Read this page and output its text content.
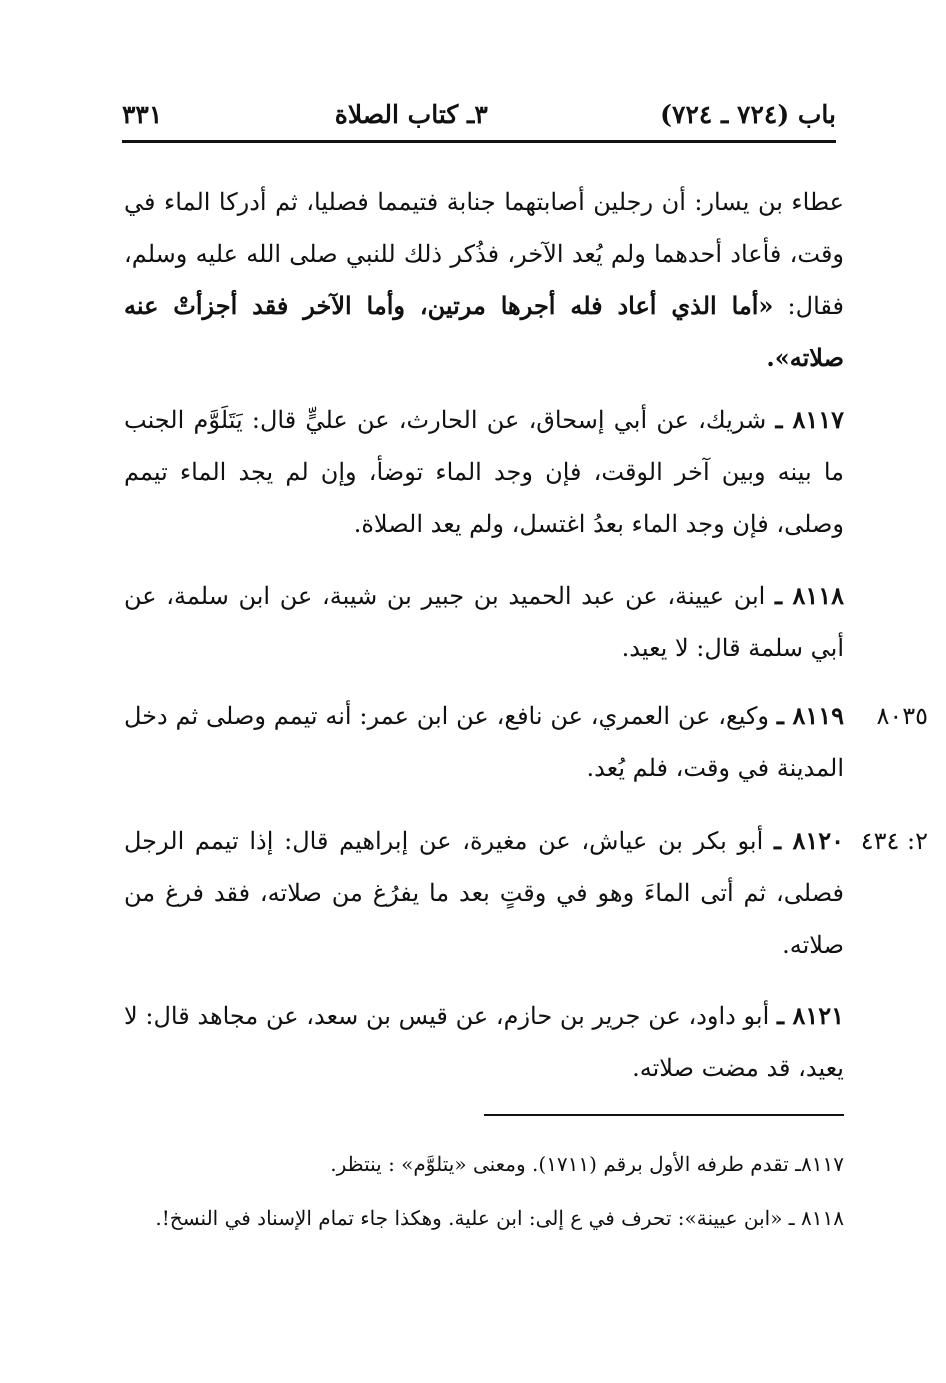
باب (٧٢٤ ـ ٧٢٤)
٣ـ كتاب الصلاة
٣٣١
عطاء بن يسار: أن رجلين أصابتهما جنابة فتيمما فصليا، ثم أدركا الماء في وقت، فأعاد أحدهما ولم يُعد الآخر، فذُكر ذلك للنبي صلى الله عليه وسلم، فقال: «أما الذي أعاد فله أجرها مرتين، وأما الآخر فقد أجزأتْ عنه صلاته».
٨١١٧ ـ شريك، عن أبي إسحاق، عن الحارث، عن عليٍّ قال: يَتَلَوَّم الجنب ما بينه وبين آخر الوقت، فإن وجد الماء توضأ، وإن لم يجد الماء تيمم وصلى، فإن وجد الماء بعدُ اغتسل، ولم يعد الصلاة.
٨١١٨ ـ ابن عيينة، عن عبد الحميد بن جبير بن شيبة، عن ابن سلمة، عن أبي سلمة قال: لا يعيد.
٨٠٣٥
٨١١٩ ـ وكيع، عن العمري، عن نافع، عن ابن عمر: أنه تيمم وصلى ثم دخل المدينة في وقت، فلم يُعد.
٢: ٤٣٤
٨١٢٠ ـ أبو بكر بن عياش، عن مغيرة، عن إبراهيم قال: إذا تيمم الرجل فصلى، ثم أتى الماءَ وهو في وقتٍ بعد ما يفرُغ من صلاته، فقد فرغ من صلاته.
٨١٢١ ـ أبو داود، عن جرير بن حازم، عن قيس بن سعد، عن مجاهد قال: لا يعيد، قد مضت صلاته.
٨١١٧ـ تقدم طرفه الأول برقم (١٧١١). ومعنى «يتلوَّم» : ينتظر.
٨١١٨ ـ «ابن عيينة»: تحرف في ع إلى: ابن علية. وهكذا جاء تمام الإسناد في النسخ!.
